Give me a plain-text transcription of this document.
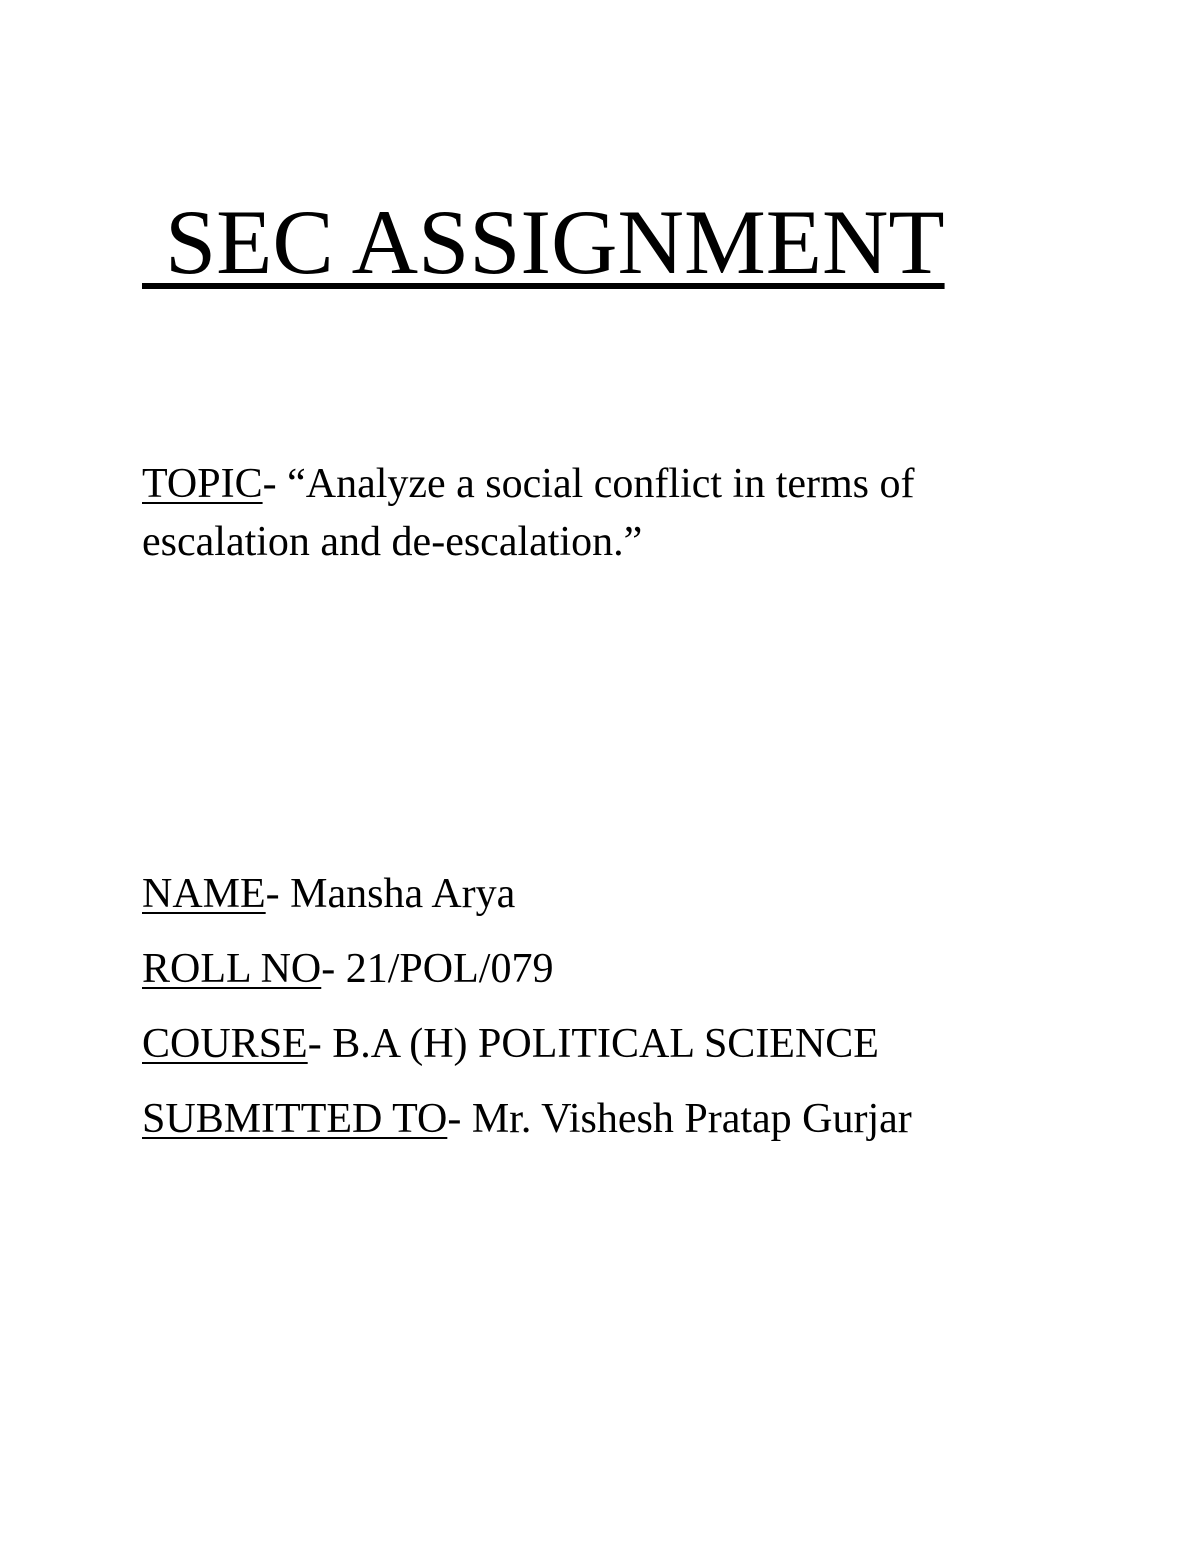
SEC ASSIGNMENT
TOPIC- “Analyze a social conflict in terms of escalation and de-escalation.”
NAME- Mansha Arya
ROLL NO- 21/POL/079
COURSE- B.A (H) POLITICAL SCIENCE
SUBMITTED TO- Mr. Vishesh Pratap Gurjar
